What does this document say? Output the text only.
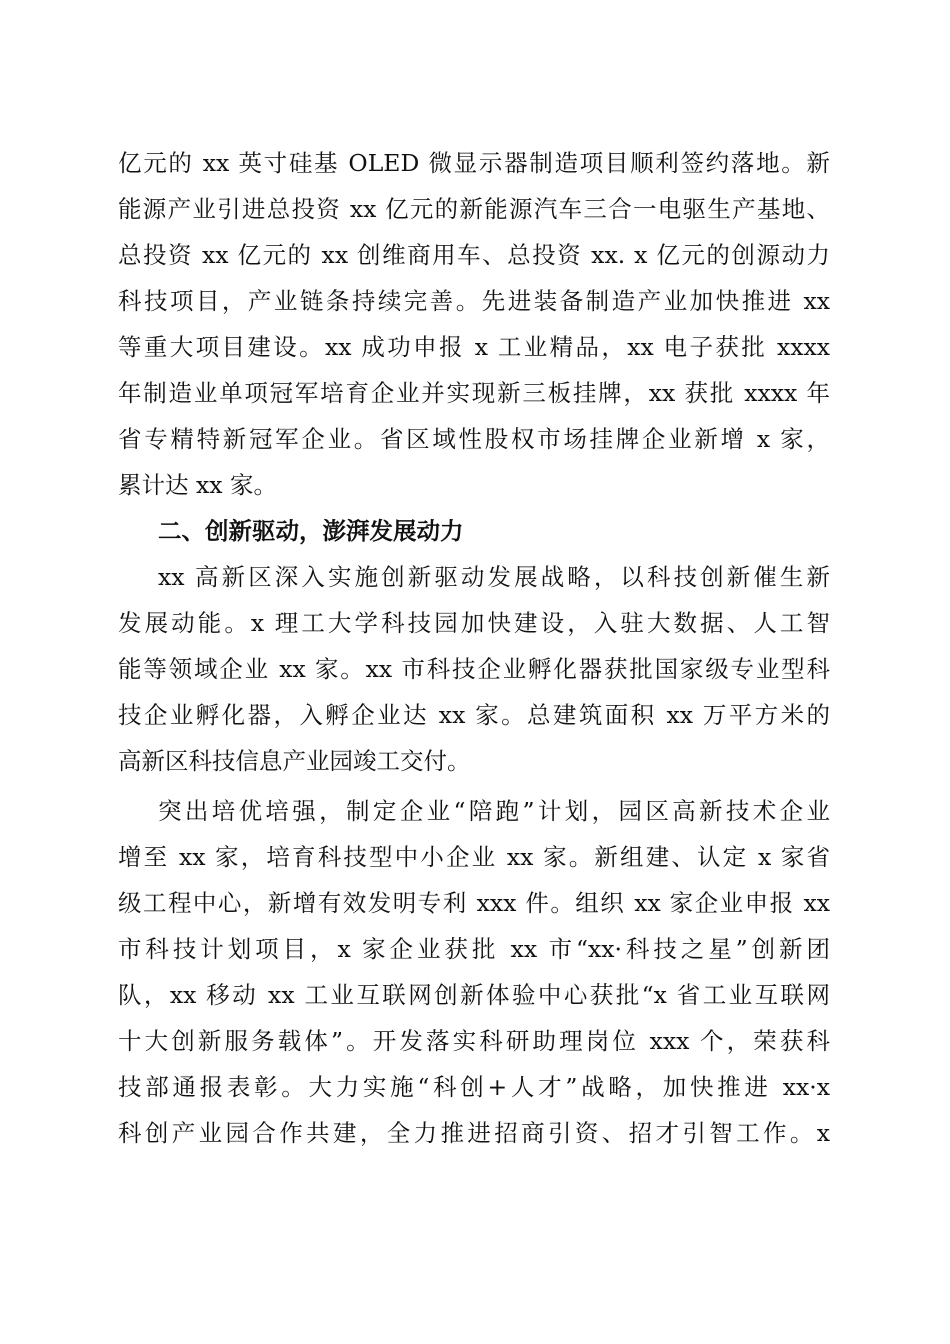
亿元的 xx 英寸硅基 OLED 微显示器制造项目顺利签约落地。新
能源产业引进总投资 xx 亿元的新能源汽车三合一电驱生产基地、
总投资 xx 亿元的 xx 创维商用车、总投资 xx. x 亿元的创源动力
科技项目，产业链条持续完善。先进装备制造产业加快推进 xx
等重大项目建设。xx 成功申报 x 工业精品，xx 电子获批 xxxx
年制造业单项冠军培育企业并实现新三板挂牌，xx 获批 xxxx 年
省专精特新冠军企业。省区域性股权市场挂牌企业新增 x 家，
累计达 xx 家。
二、创新驱动，澎湃发展动力
xx 高新区深入实施创新驱动发展战略，以科技创新催生新
发展动能。x 理工大学科技园加快建设，入驻大数据、人工智
能等领域企业 xx 家。xx 市科技企业孵化器获批国家级专业型科
技企业孵化器，入孵企业达 xx 家。总建筑面积 xx 万平方米的
高新区科技信息产业园竣工交付。
突出培优培强，制定企业“陪跑”计划，园区高新技术企业
增至 xx 家，培育科技型中小企业 xx 家。新组建、认定 x 家省
级工程中心，新增有效发明专利 xxx 件。组织 xx 家企业申报 xx
市科技计划项目，x 家企业获批 xx 市“xx·科技之星”创新团
队，xx 移动 xx 工业互联网创新体验中心获批“x 省工业互联网
十大创新服务载体”。开发落实科研助理岗位 xxx 个，荣获科
技部通报表彰。大力实施“科创+人才”战略，加快推进 xx·x
科创产业园合作共建，全力推进招商引资、招才引智工作。x
